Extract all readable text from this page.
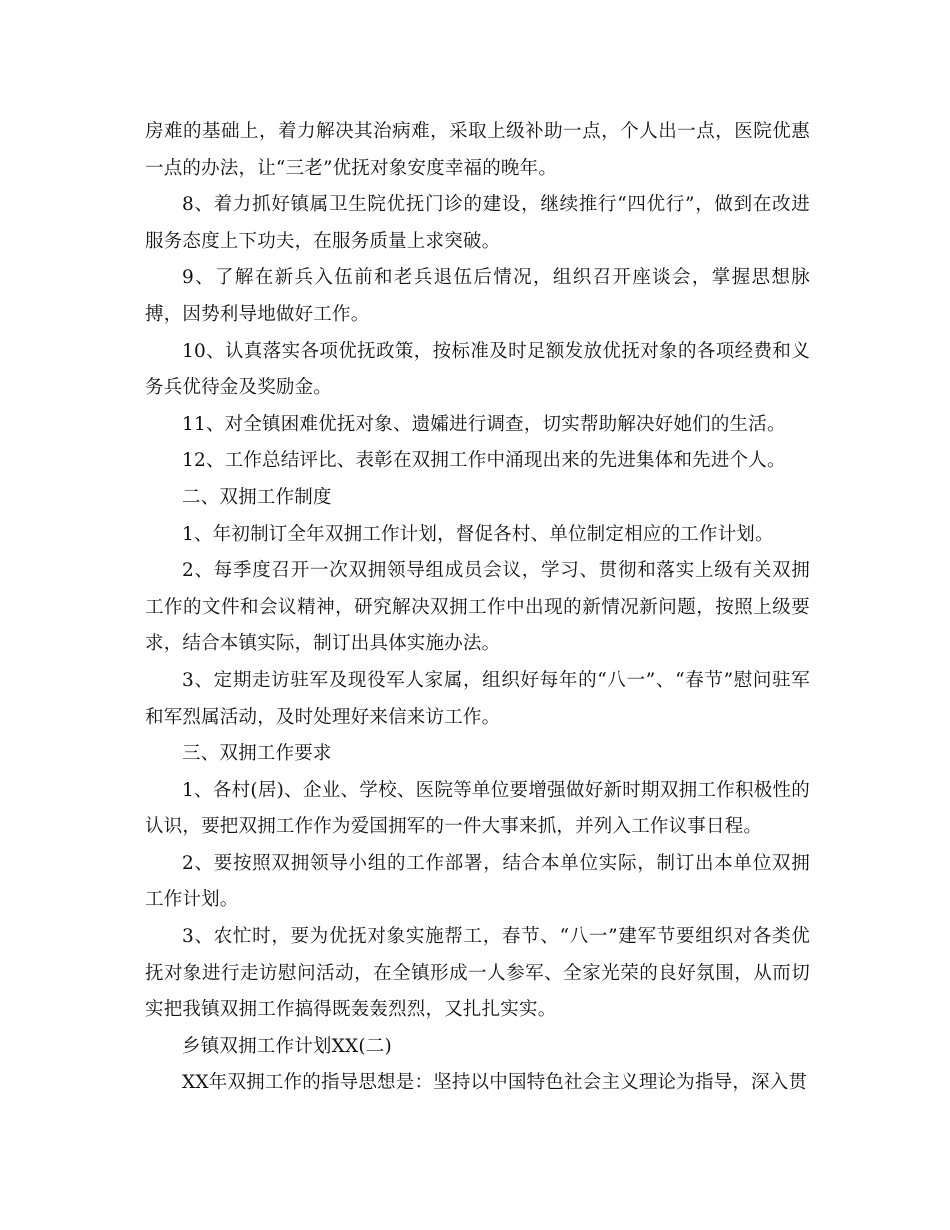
房难的基础上，着力解决其治病难，采取上级补助一点，个人出一点，医院优惠一点的办法，让“三老”优抚对象安度幸福的晚年。

8、着力抓好镇属卫生院优抚门诊的建设，继续推行“四优行”，做到在改进服务态度上下功夫，在服务质量上求突破。

9、了解在新兵入伍前和老兵退伍后情况，组织召开座谈会，掌握思想脉搏，因势利导地做好工作。

10、认真落实各项优抚政策，按标准及时足额发放优抚对象的各项经费和义务兵优待金及奖励金。

11、对全镇困难优抚对象、遗孀进行调查，切实帮助解决好她们的生活。

12、工作总结评比、表彰在双拥工作中涌现出来的先进集体和先进个人。

二、双拥工作制度

1、年初制订全年双拥工作计划，督促各村、单位制定相应的工作计划。

2、每季度召开一次双拥领导组成员会议，学习、贯彻和落实上级有关双拥工作的文件和会议精神，研究解决双拥工作中出现的新情况新问题，按照上级要求，结合本镇实际，制订出具体实施办法。

3、定期走访驻军及现役军人家属，组织好每年的“八一”、“春节”慰问驻军和军烈属活动，及时处理好来信来访工作。

三、双拥工作要求

1、各村(居)、企业、学校、医院等单位要增强做好新时期双拥工作积极性的认识，要把双拥工作作为爱国拥军的一件大事来抓，并列入工作议事日程。

2、要按照双拥领导小组的工作部署，结合本单位实际，制订出本单位双拥工作计划。

3、农忙时，要为优抚对象实施帮工，春节、“八一”建军节要组织对各类优抚对象进行走访慰问活动，在全镇形成一人参军、全家光荣的良好氛围，从而切实把我镇双拥工作搞得既轰轰烈烈，又扎扎实实。

乡镇双拥工作计划XX(二)

XX年双拥工作的指导思想是：坚持以中国特色社会主义理论为指导，深入贯
